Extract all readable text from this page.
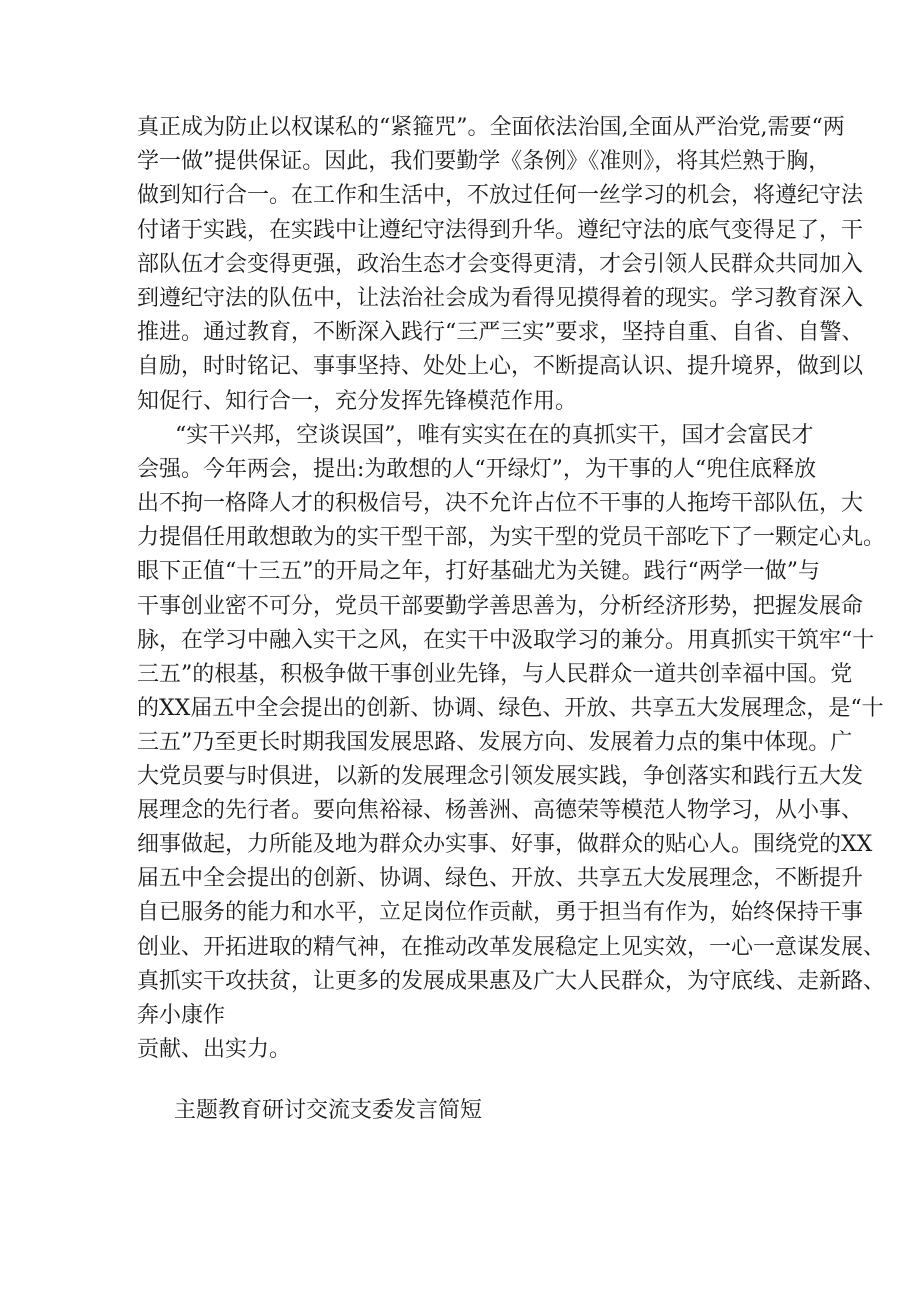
真正成为防止以权谋私的“紧箍咒”。全面依法治国,全面从严治党,需要“两
学一做”提供保证。因此，我们要勤学《条例》《准则》，将其烂熟于胸，
做到知行合一。在工作和生活中，不放过任何一丝学习的机会，将遵纪守法
付诸于实践，在实践中让遵纪守法得到升华。遵纪守法的底气变得足了，干
部队伍才会变得更强，政治生态才会变得更清，才会引领人民群众共同加入
到遵纪守法的队伍中，让法治社会成为看得见摸得着的现实。学习教育深入
推进。通过教育，不断深入践行“三严三实”要求，坚持自重、自省、自警、
自励，时时铭记、事事坚持、处处上心，不断提高认识、提升境界，做到以
知促行、知行合一，充分发挥先锋模范作用。
“实干兴邦，空谈误国”，唯有实实在在的真抓实干，国才会富民才
会强。今年两会，提出:为敢想的人“开绿灯”，为干事的人“兜住底释放
出不拘一格降人才的积极信号，决不允许占位不干事的人拖垮干部队伍，大
力提倡任用敢想敢为的实干型干部，为实干型的党员干部吃下了一颗定心丸。
眼下正值“十三五”的开局之年，打好基础尤为关键。践行“两学一做”与
干事创业密不可分，党员干部要勤学善思善为，分析经济形势，把握发展命
脉，在学习中融入实干之风，在实干中汲取学习的兼分。用真抓实干筑牢“十
三五”的根基，积极争做干事创业先锋，与人民群众一道共创幸福中国。党
的XX届五中全会提出的创新、协调、绿色、开放、共享五大发展理念，是“十
三五”乃至更长时期我国发展思路、发展方向、发展着力点的集中体现。广
大党员要与时俱进，以新的发展理念引领发展实践，争创落实和践行五大发
展理念的先行者。要向焦裕禄、杨善洲、高德荣等模范人物学习，从小事、
细事做起，力所能及地为群众办实事、好事，做群众的贴心人。围绕党的XX
届五中全会提出的创新、协调、绿色、开放、共享五大发展理念，不断提升
自已服务的能力和水平，立足岗位作贡献，勇于担当有作为，始终保持干事
创业、开拓进取的精气神，在推动改革发展稳定上见实效，一心一意谋发展、
真抓实干攻扶贫，让更多的发展成果惠及广大人民群众，为守底线、走新路、
奔小康作
贡献、出实力。
主题教育研讨交流支委发言简短
